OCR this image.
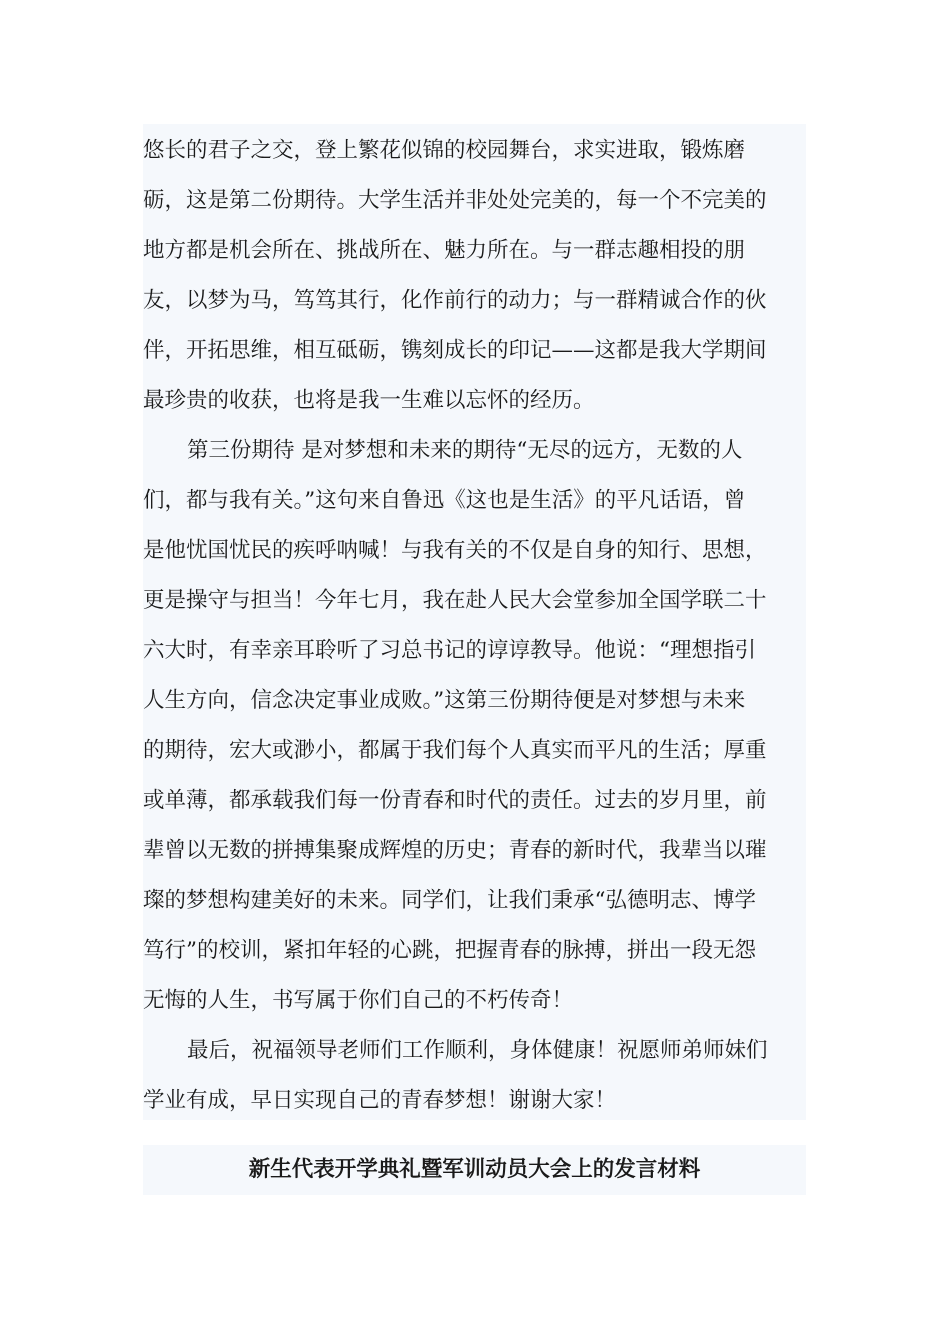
悠长的君子之交，登上繁花似锦的校园舞台，求实进取，锻炼磨
砺，这是第二份期待。大学生活并非处处完美的，每一个不完美的
地方都是机会所在、挑战所在、魅力所在。与一群志趣相投的朋
友，以梦为马，笃笃其行，化作前行的动力；与一群精诚合作的伙
伴，开拓思维，相互砥砺，镌刻成长的印记——这都是我大学期间
最珍贵的收获，也将是我一生难以忘怀的经历。
第三份期待 是对梦想和未来的期待“无尽的远方，无数的人
们，都与我有关。”这句来自鲁迅《这也是生活》的平凡话语，曾
是他忧国忧民的疾呼呐喊！与我有关的不仅是自身的知行、思想，
更是操守与担当！今年七月，我在赴人民大会堂参加全国学联二十
六大时，有幸亲耳聆听了习总书记的谆谆教导。他说：“理想指引
人生方向，信念决定事业成败。”这第三份期待便是对梦想与未来
的期待，宏大或渺小，都属于我们每个人真实而平凡的生活；厚重
或单薄，都承载我们每一份青春和时代的责任。过去的岁月里，前
辈曾以无数的拼搏集聚成辉煌的历史；青春的新时代，我辈当以璀
璨的梦想构建美好的未来。同学们，让我们秉承“弘德明志、博学
笃行”的校训，紧扣年轻的心跳，把握青春的脉搏，拼出一段无怨
无悔的人生，书写属于你们自己的不朽传奇！
最后，祝福领导老师们工作顺利，身体健康！祝愿师弟师妹们
学业有成，早日实现自己的青春梦想！谢谢大家！
新生代表开学典礼暨军训动员大会上的发言材料
